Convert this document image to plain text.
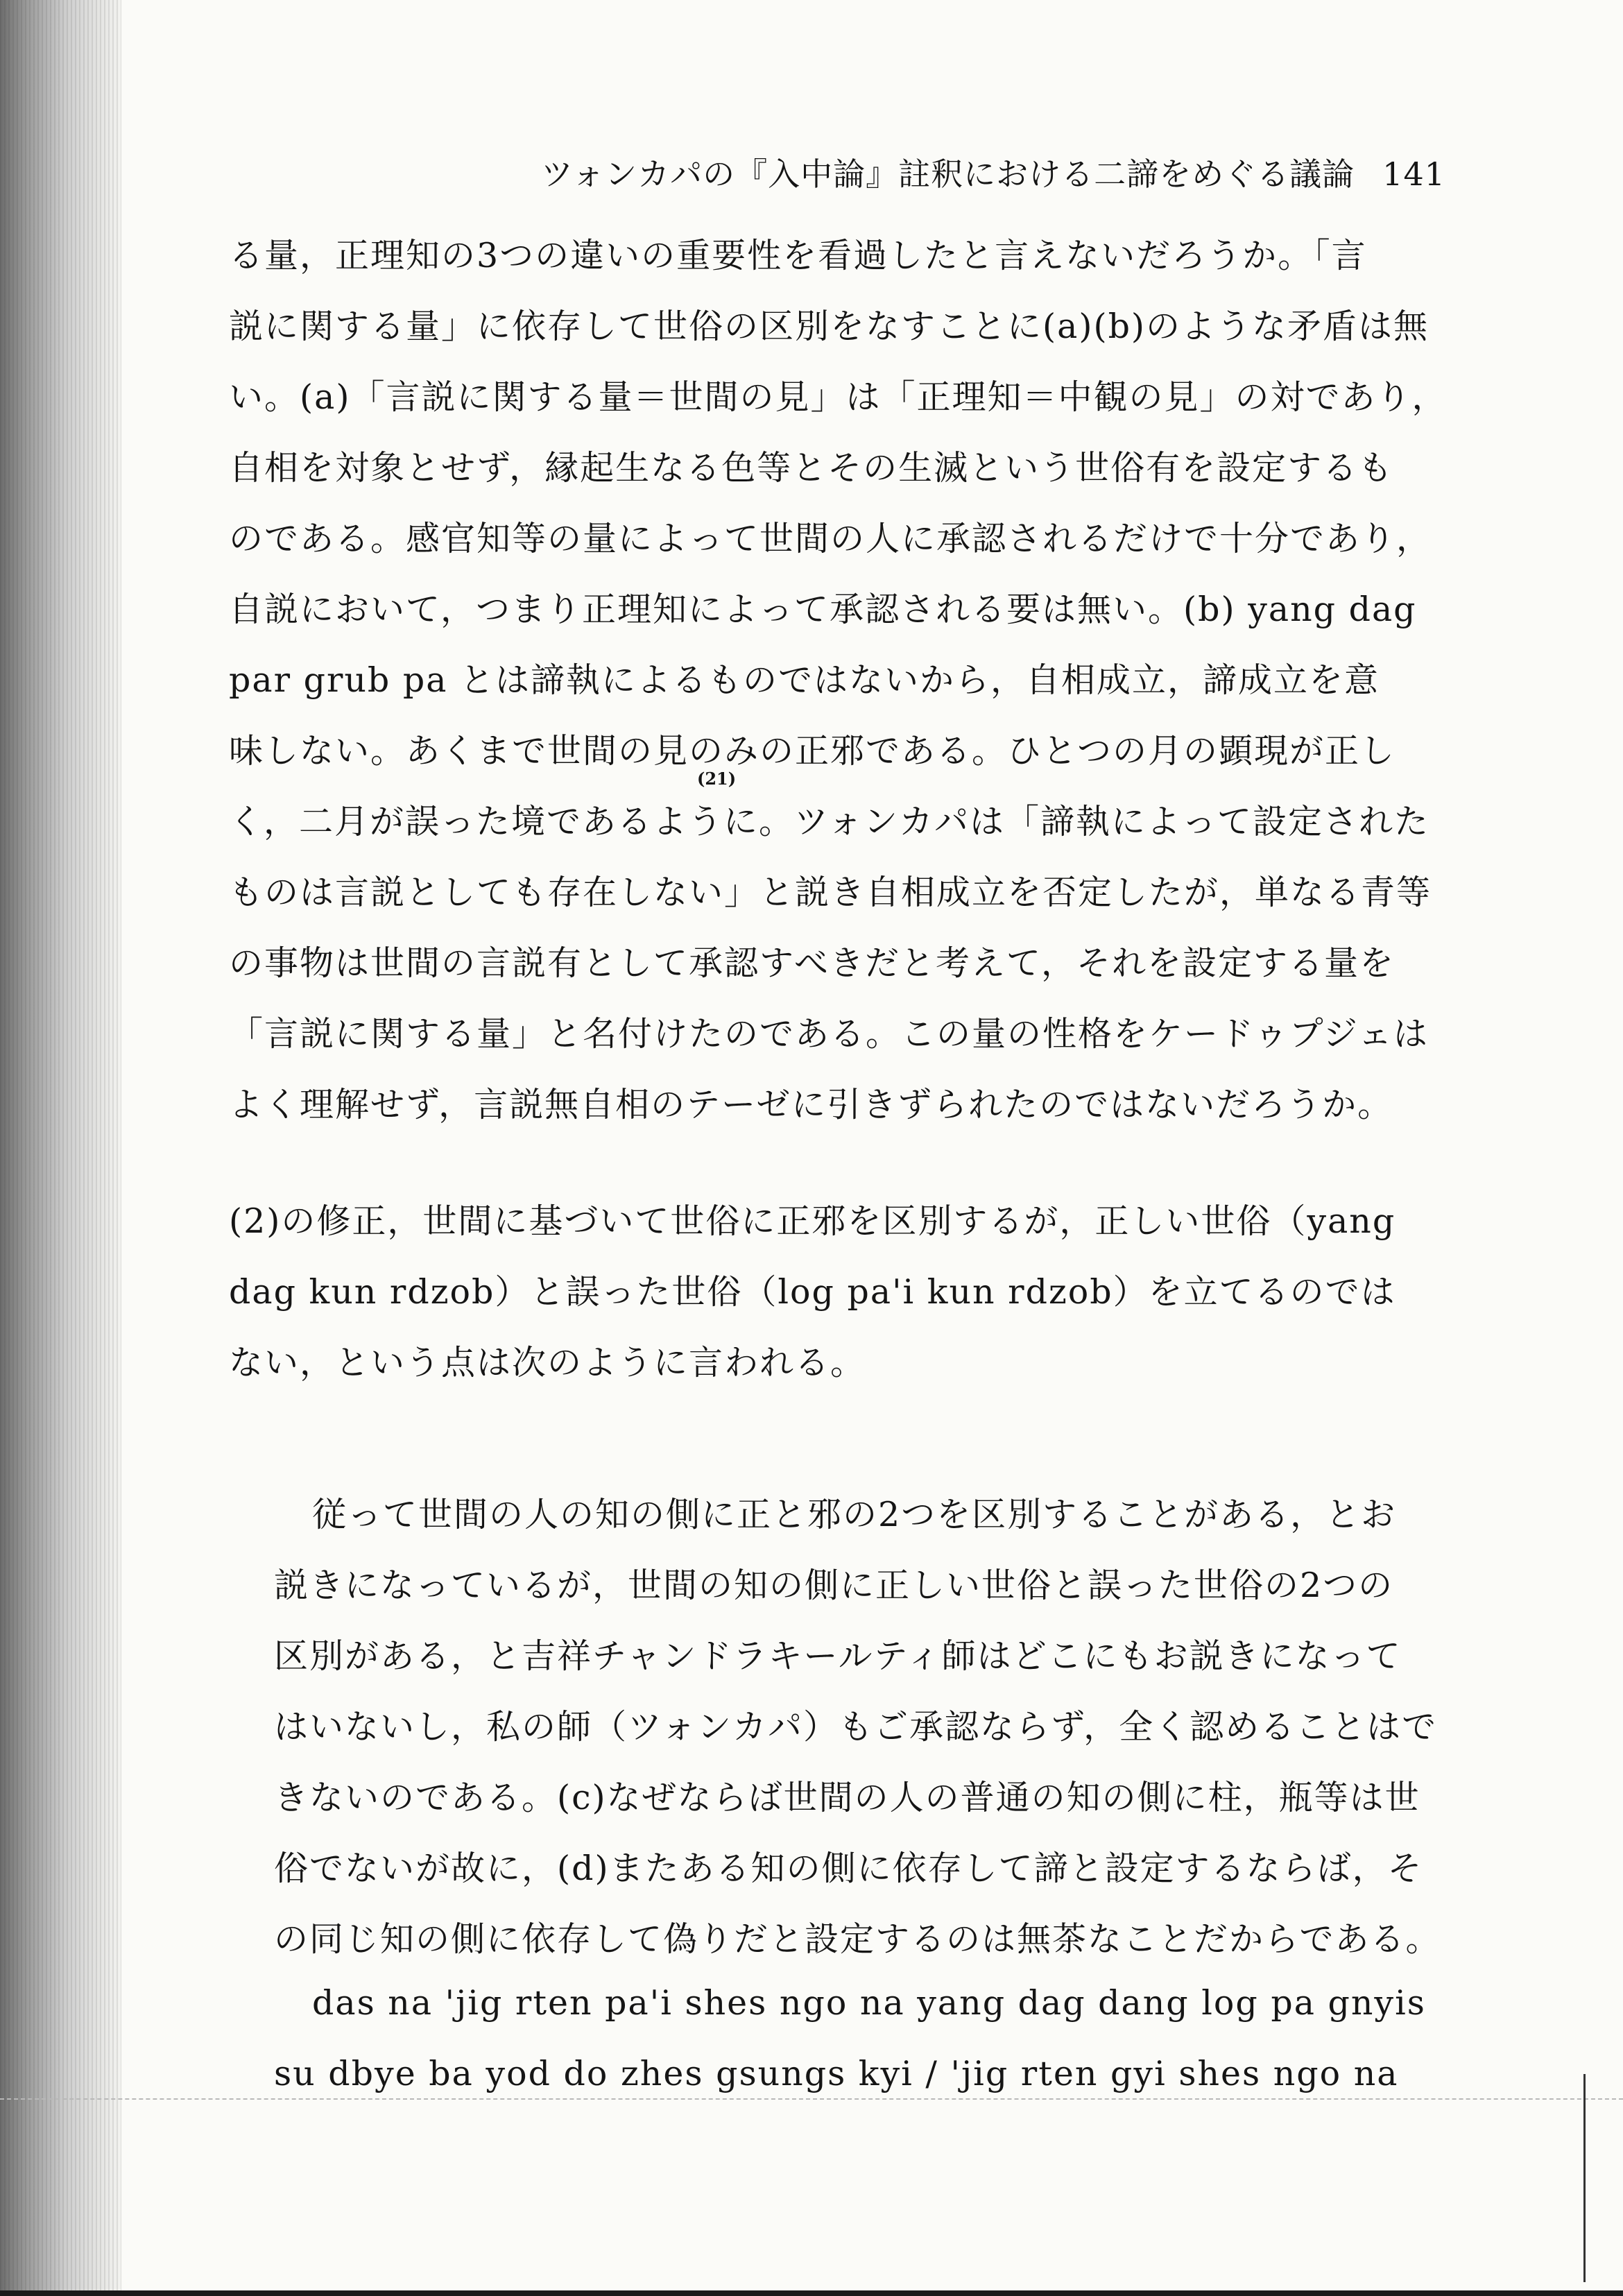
ツォンカパの『入中論』註釈における二諦をめぐる議論 141
る量，正理知の3つの違いの重要性を看過したと言えないだろうか。「言
説に関する量」に依存して世俗の区別をなすことに(a)(b)のような矛盾は無
い。(a)「言説に関する量＝世間の見」は「正理知＝中観の見」の対であり，
自相を対象とせず，縁起生なる色等とその生滅という世俗有を設定するも
のである。感官知等の量によって世間の人に承認されるだけで十分であり，
自説において，つまり正理知によって承認される要は無い。(b) yang dag
par grub pa とは諦執によるものではないから，自相成立，諦成立を意
味しない。あくまで世間の見のみの正邪である。ひとつの月の顕現が正し
(21)
く，二月が誤った境であるように。ツォンカパは「諦執によって設定された
ものは言説としても存在しない」と説き自相成立を否定したが，単なる青等
の事物は世間の言説有として承認すべきだと考えて，それを設定する量を
「言説に関する量」と名付けたのである。この量の性格をケードゥプジェは
よく理解せず，言説無自相のテーゼに引きずられたのではないだろうか。
(2)の修正，世間に基づいて世俗に正邪を区別するが，正しい世俗（yang
dag kun rdzob）と誤った世俗（log pa'i kun rdzob）を立てるのでは
ない，という点は次のように言われる。
従って世間の人の知の側に正と邪の2つを区別することがある，とお
説きになっているが，世間の知の側に正しい世俗と誤った世俗の2つの
区別がある，と吉祥チャンドラキールティ師はどこにもお説きになって
はいないし，私の師（ツォンカパ）もご承認ならず，全く認めることはで
きないのである。(c)なぜならば世間の人の普通の知の側に柱，瓶等は世
俗でないが故に，(d)またある知の側に依存して諦と設定するならば，そ
の同じ知の側に依存して偽りだと設定するのは無茶なことだからである。
das na 'jig rten pa'i shes ngo na yang dag dang log pa gnyis
su dbye ba yod do zhes gsungs kyi / 'jig rten gyi shes ngo na
